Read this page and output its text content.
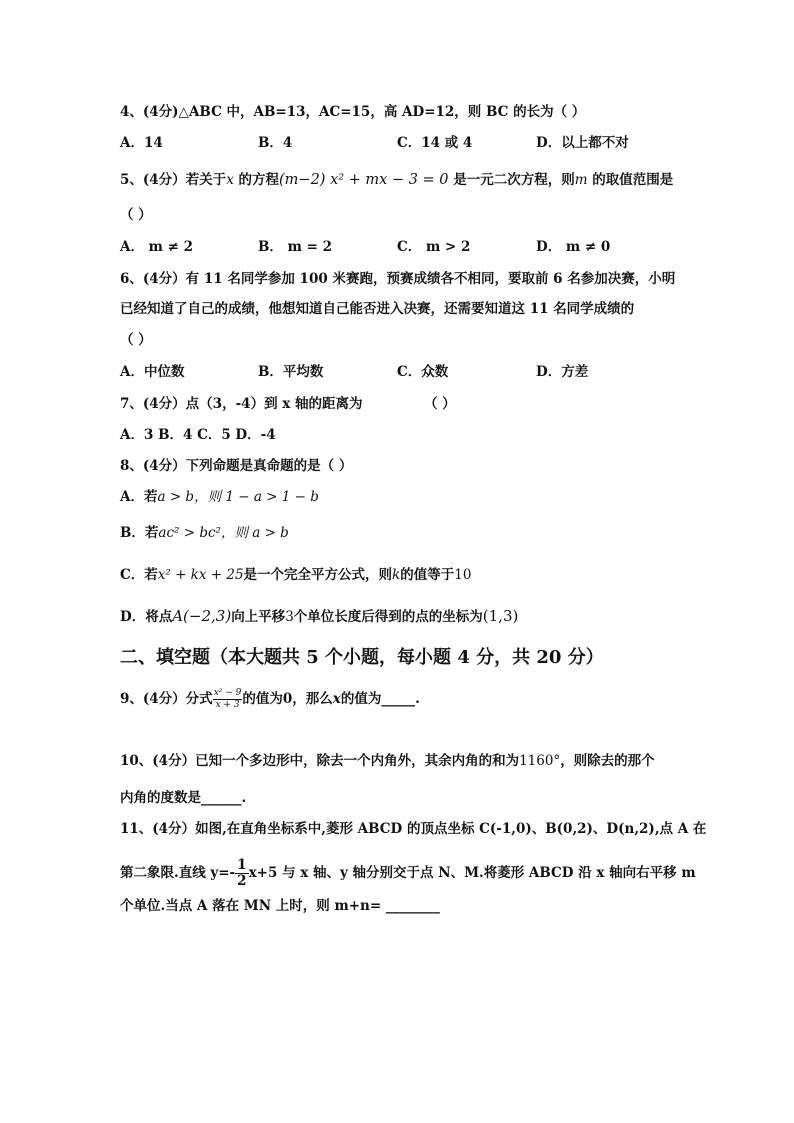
4、(4分)△ABC 中，AB=13，AC=15，高 AD=12，则 BC 的长为（ ）
A．14	B．4	C．14 或 4	D．以上都不对
5、(4分）若关于x 的方程(m−2) x² + mx − 3 = 0 是一元二次方程，则m 的取值范围是
（ ）
A． m ≠ 2	B． m = 2	C． m > 2	D． m ≠ 0
6、(4分）有 11 名同学参加 100 米赛跑，预赛成绩各不相同，要取前 6 名参加决赛，小明
已经知道了自己的成绩，他想知道自己能否进入决赛，还需要知道这 11 名同学成绩的
（ ）
A．中位数	B．平均数	C．众数	D．方差
7、(4分）点（3，-4）到 x 轴的距离为	（ ）
A．3 B．4 C．5 D．-4
8、(4分）下列命题是真命题的是（ ）
A．若a > b，则 1 − a > 1 − b
B．若ac² > bc²，则 a > b
C．若x² + kx + 25是一个完全平方公式，则k的值等于10
D．将点A(−2,3)向上平移3个单位长度后得到的点的坐标为(1,3)
二、填空题（本大题共 5 个小题，每小题 4 分，共 20 分）
9、(4分）分式 $\frac{\text{x² − 9}}{x + 3}$ 的值为0，那么x的值为_____.
10、(4分）已知一个多边形中，除去一个内角外，其余内角的和为1160°，则除去的那个
内角的度数是______.
11、(4分）如图,在直角坐标系中,菱形 ABCD 的顶点坐标 C(-1,0)、B(0,2)、D(n,2),点 A 在
第二象限.直线 $y=- \frac{1}{2} x+5$ 与 x 轴、y 轴分别交于点 N、M.将菱形 ABCD 沿 x 轴向右平移 m
个单位.当点 A 落在 MN 上时，则 m+n= ________
